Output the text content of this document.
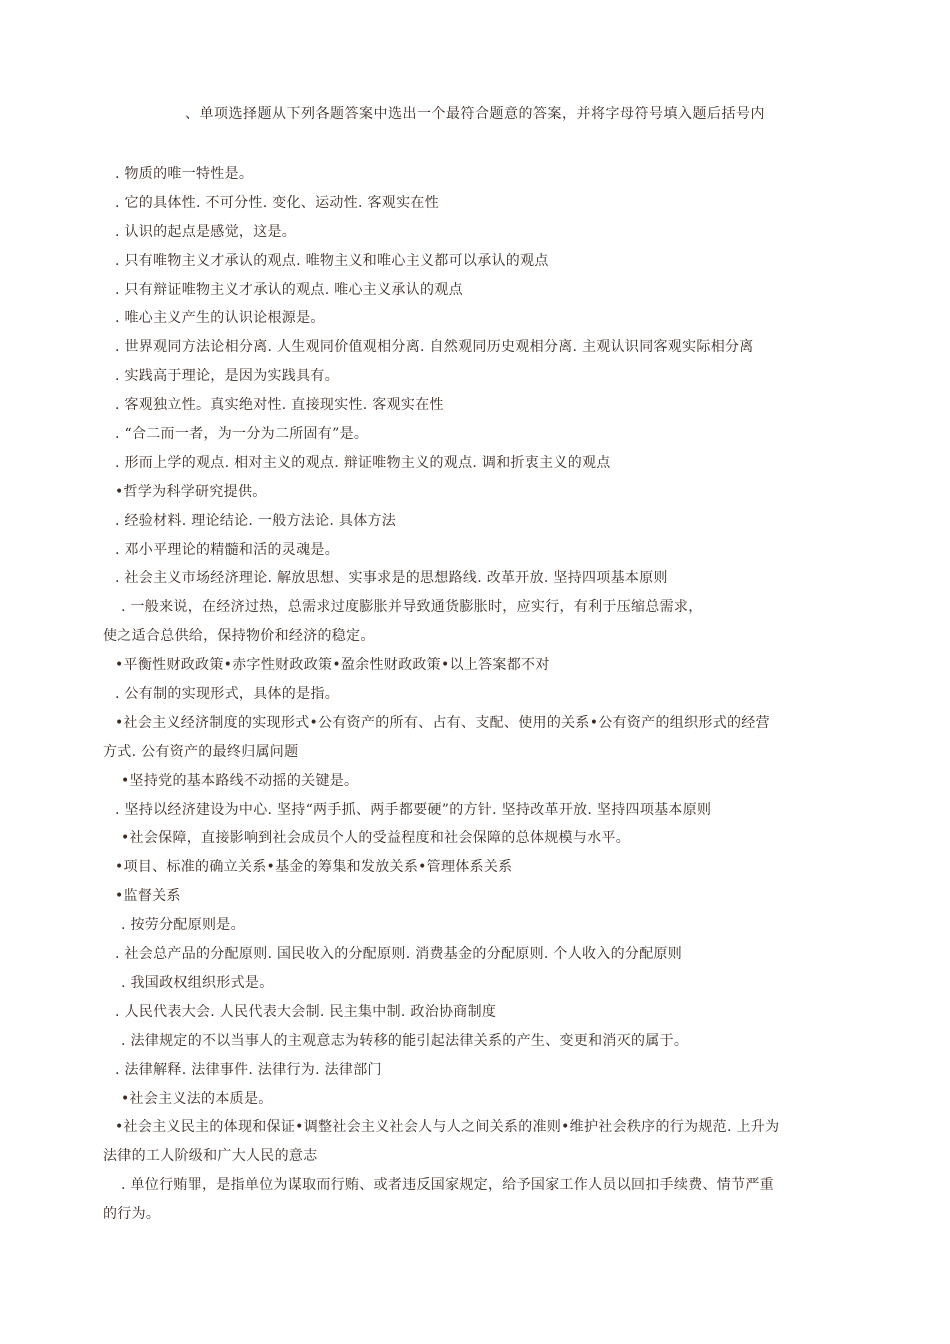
、单项选择题从下列各题答案中选出一个最符合题意的答案，并将字母符号填入题后括号内
. 物质的唯一特性是。
. 它的具体性. 不可分性. 变化、运动性. 客观实在性
. 认识的起点是感觉，这是。
. 只有唯物主义才承认的观点. 唯物主义和唯心主义都可以承认的观点
. 只有辩证唯物主义才承认的观点. 唯心主义承认的观点
. 唯心主义产生的认识论根源是。
. 世界观同方法论相分离. 人生观同价值观相分离. 自然观同历史观相分离. 主观认识同客观实际相分离
. 实践高于理论，是因为实践具有。
. 客观独立性。真实绝对性. 直接现实性. 客观实在性
. “合二而一者，为一分为二所固有”是。
. 形而上学的观点. 相对主义的观点. 辩证唯物主义的观点. 调和折衷主义的观点
•哲学为科学研究提供。
. 经验材料. 理论结论. 一般方法论. 具体方法
. 邓小平理论的精髓和活的灵魂是。
. 社会主义市场经济理论. 解放思想、实事求是的思想路线. 改革开放. 坚持四项基本原则
. 一般来说，在经济过热，总需求过度膨胀并导致通货膨胀时，应实行，有利于压缩总需求，
使之适合总供给，保持物价和经济的稳定。
•平衡性财政政策•赤字性财政政策•盈余性财政政策•以上答案都不对
. 公有制的实现形式，具体的是指。
•社会主义经济制度的实现形式•公有资产的所有、占有、支配、使用的关系•公有资产的组织形式的经营
方式. 公有资产的最终归属问题
•坚持党的基本路线不动摇的关键是。
. 坚持以经济建设为中心. 坚持“两手抓、两手都要硬”的方针. 坚持改革开放. 坚持四项基本原则
•社会保障，直接影响到社会成员个人的受益程度和社会保障的总体规模与水平。
•项目、标准的确立关系•基金的筹集和发放关系•管理体系关系
•监督关系
. 按劳分配原则是。
. 社会总产品的分配原则. 国民收入的分配原则. 消费基金的分配原则. 个人收入的分配原则
. 我国政权组织形式是。
. 人民代表大会. 人民代表大会制. 民主集中制. 政治协商制度
. 法律规定的不以当事人的主观意志为转移的能引起法律关系的产生、变更和消灭的属于。
. 法律解释. 法律事件. 法律行为. 法律部门
•社会主义法的本质是。
•社会主义民主的体现和保证•调整社会主义社会人与人之间关系的准则•维护社会秩序的行为规范. 上升为
法律的工人阶级和广大人民的意志
. 单位行贿罪，是指单位为谋取而行贿、或者违反国家规定，给予国家工作人员以回扣手续费、情节严重
的行为。
